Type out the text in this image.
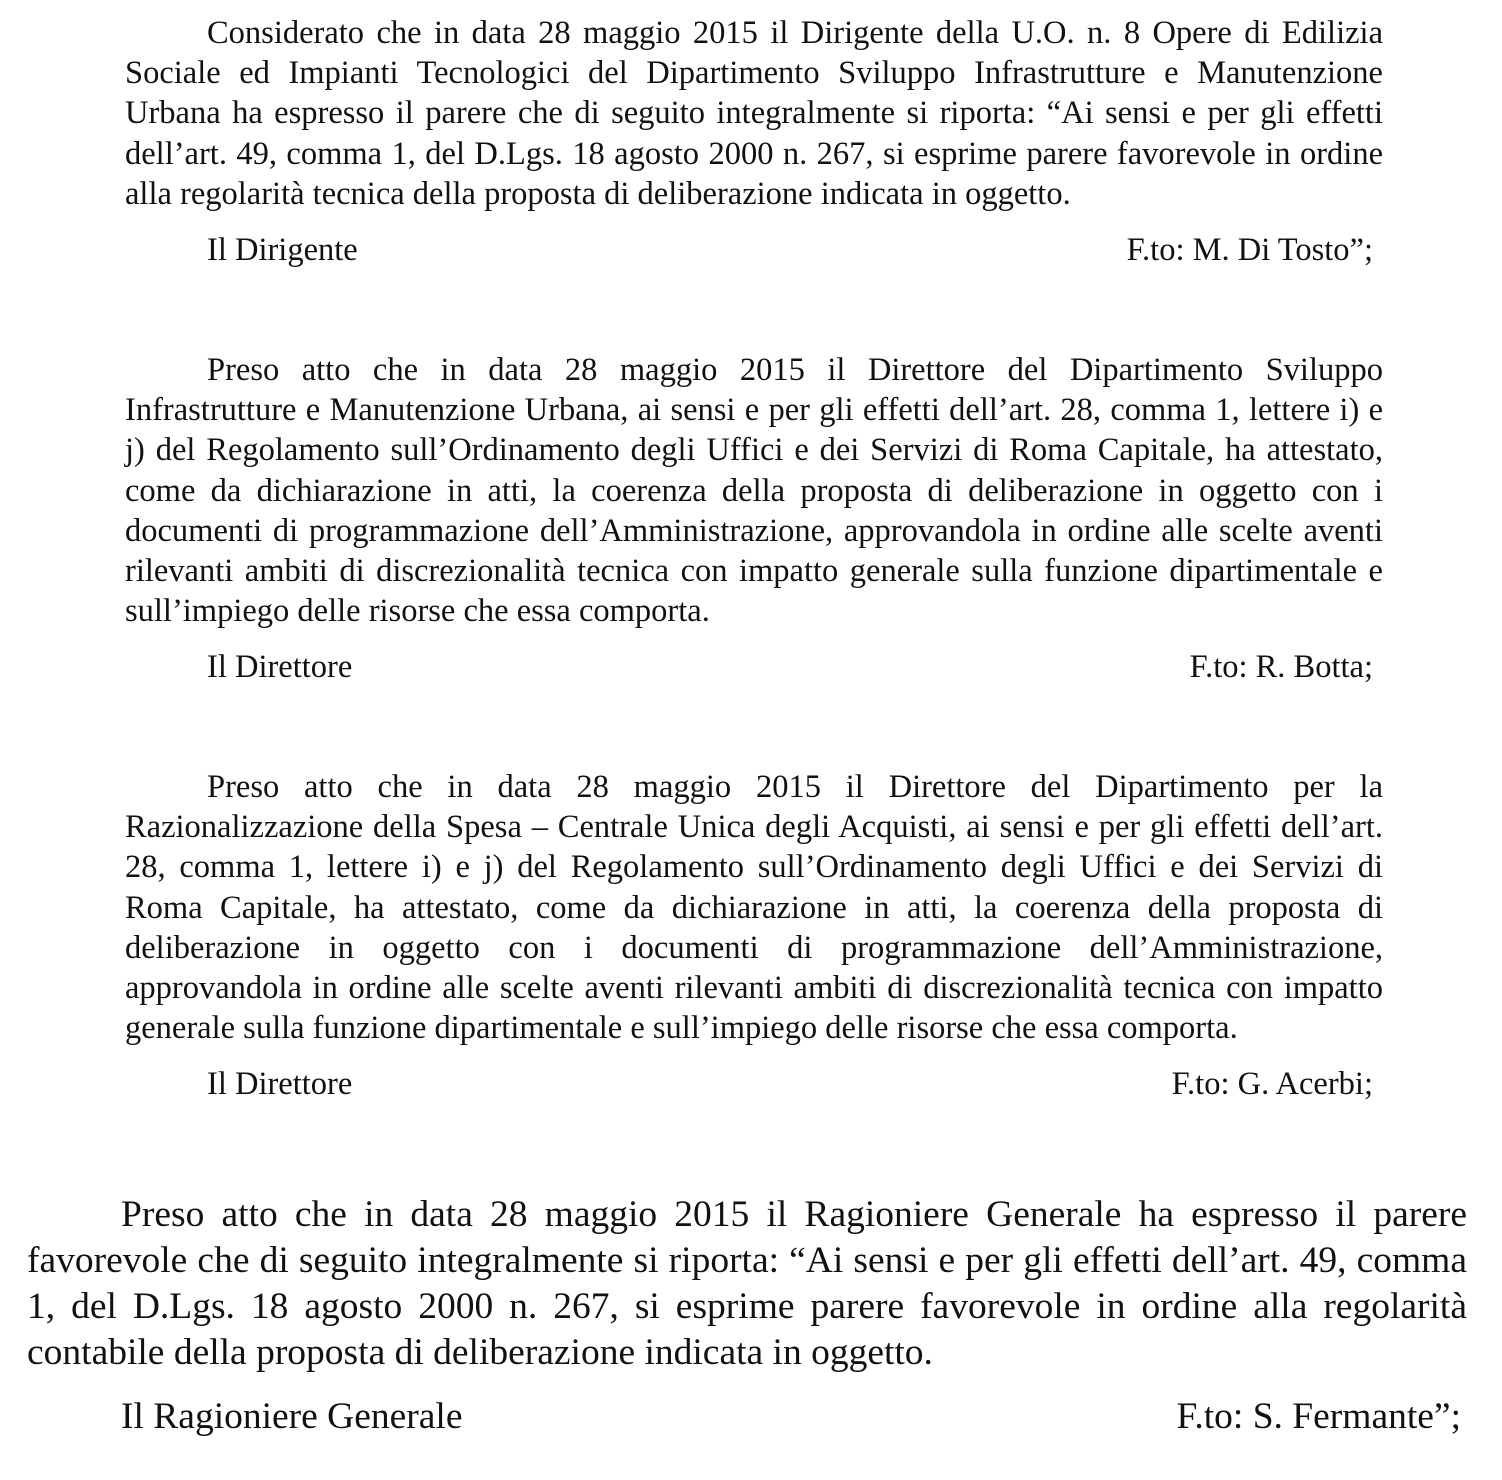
Considerato che in data 28 maggio 2015 il Dirigente della U.O. n. 8 Opere di Edilizia Sociale ed Impianti Tecnologici del Dipartimento Sviluppo Infrastrutture e Manutenzione Urbana ha espresso il parere che di seguito integralmente si riporta: “Ai sensi e per gli effetti dell’art. 49, comma 1, del D.Lgs. 18 agosto 2000 n. 267, si esprime parere favorevole in ordine alla regolarità tecnica della proposta di deliberazione indicata in oggetto.

Il Dirigente	F.to: M. Di Tosto”;

Preso atto che in data 28 maggio 2015 il Direttore del Dipartimento Sviluppo Infrastrutture e Manutenzione Urbana, ai sensi e per gli effetti dell’art. 28, comma 1, lettere i) e j) del Regolamento sull’Ordinamento degli Uffici e dei Servizi di Roma Capitale, ha attestato, come da dichiarazione in atti, la coerenza della proposta di deliberazione in oggetto con i documenti di programmazione dell’Amministrazione, approvandola in ordine alle scelte aventi rilevanti ambiti di discrezionalità tecnica con impatto generale sulla funzione dipartimentale e sull’impiego delle risorse che essa comporta.

Il Direttore	F.to: R. Botta;

Preso atto che in data 28 maggio 2015 il Direttore del Dipartimento per la Razionalizzazione della Spesa – Centrale Unica degli Acquisti, ai sensi e per gli effetti dell’art. 28, comma 1, lettere i) e j) del Regolamento sull’Ordinamento degli Uffici e dei Servizi di Roma Capitale, ha attestato, come da dichiarazione in atti, la coerenza della proposta di deliberazione in oggetto con i documenti di programmazione dell’Amministrazione, approvandola in ordine alle scelte aventi rilevanti ambiti di discrezionalità tecnica con impatto generale sulla funzione dipartimentale e sull’impiego delle risorse che essa comporta.

Il Direttore	F.to: G. Acerbi;

Preso atto che in data 28 maggio 2015 il Ragioniere Generale ha espresso il parere favorevole che di seguito integralmente si riporta: “Ai sensi e per gli effetti dell’art. 49, comma 1, del D.Lgs. 18 agosto 2000 n. 267, si esprime parere favorevole in ordine alla regolarità contabile della proposta di deliberazione indicata in oggetto.

Il Ragioniere Generale	F.to: S. Fermante”;
